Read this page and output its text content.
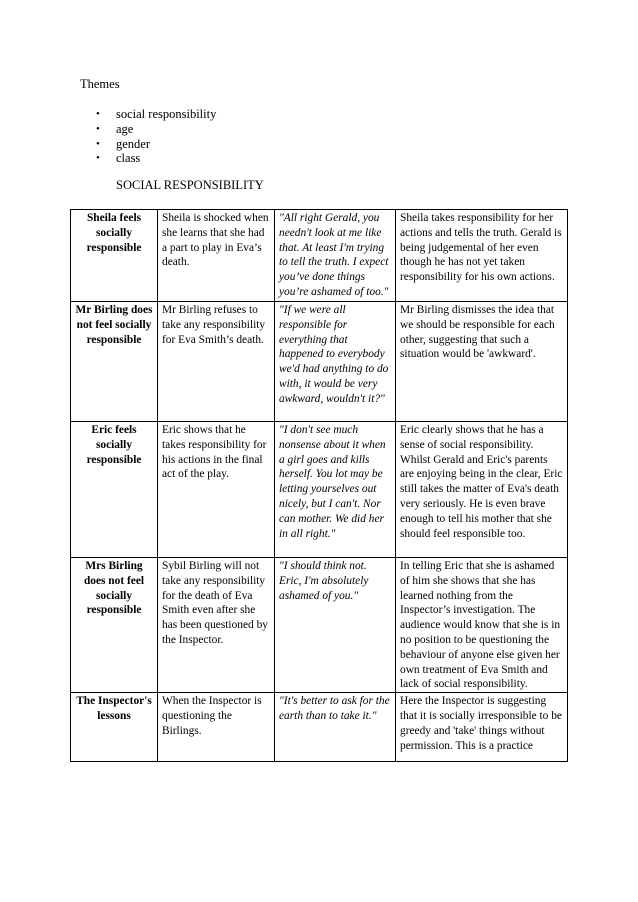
Themes
• social responsibility
• age
• gender
• class
SOCIAL RESPONSIBILITY
Sheila feels socially responsible	Sheila is shocked when she learns that she had a part to play in Eva’s death.	"All right Gerald, you needn't look at me like that. At least I'm trying to tell the truth. I expect you’ve done things you’re ashamed of too."	Sheila takes responsibility for her actions and tells the truth. Gerald is being judgemental of her even though he has not yet taken responsibility for his own actions.
Mr Birling does not feel socially responsible	Mr Birling refuses to take any responsibility for Eva Smith’s death.	"If we were all responsible for everything that happened to everybody we'd had anything to do with, it would be very awkward, wouldn't it?"	Mr Birling dismisses the idea that we should be responsible for each other, suggesting that such a situation would be 'awkward'.
Eric feels socially responsible	Eric shows that he takes responsibility for his actions in the final act of the play.	"I don't see much nonsense about it when a girl goes and kills herself. You lot may be letting yourselves out nicely, but I can't. Nor can mother. We did her in all right."	Eric clearly shows that he has a sense of social responsibility. Whilst Gerald and Eric's parents are enjoying being in the clear, Eric still takes the matter of Eva's death very seriously. He is even brave enough to tell his mother that she should feel responsible too.
Mrs Birling does not feel socially responsible	Sybil Birling will not take any responsibility for the death of Eva Smith even after she has been questioned by the Inspector.	"I should think not. Eric, I'm absolutely ashamed of you."	In telling Eric that she is ashamed of him she shows that she has learned nothing from the Inspector’s investigation. The audience would know that she is in no position to be questioning the behaviour of anyone else given her own treatment of Eva Smith and lack of social responsibility.
The Inspector's lessons	When the Inspector is questioning the Birlings.	"It's better to ask for the earth than to take it."	Here the Inspector is suggesting that it is socially irresponsible to be greedy and 'take' things without permission. This is a practice
